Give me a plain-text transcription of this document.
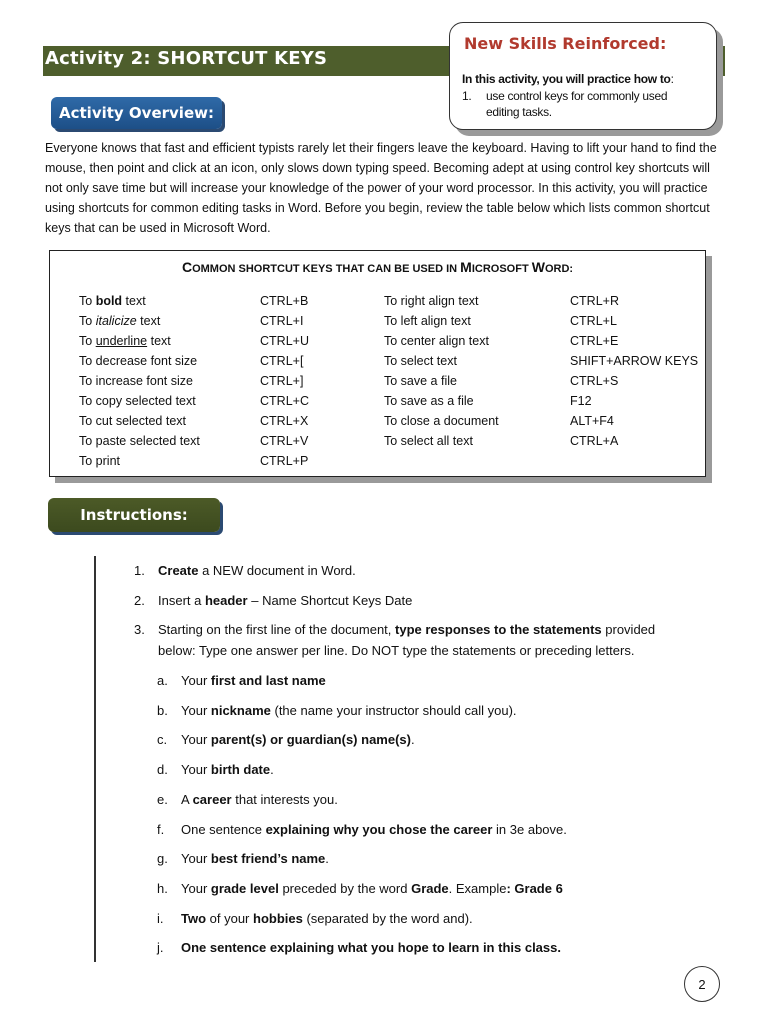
Activity 2: SHORTCUT KEYS
New Skills Reinforced:
In this activity, you will practice how to:
1. use control keys for commonly used editing tasks.
Activity Overview:
Everyone knows that fast and efficient typists rarely let their fingers leave the keyboard. Having to lift your hand to find the mouse, then point and click at an icon, only slows down typing speed. Becoming adept at using control key shortcuts will not only save time but will increase your knowledge of the power of your word processor. In this activity, you will practice using shortcuts for common editing tasks in Word. Before you begin, review the table below which lists common shortcut keys that can be used in Microsoft Word.
COMMON SHORTCUT KEYS THAT CAN BE USED IN MICROSOFT WORD:
To bold text	CTRL+B
To italicize text	CTRL+I
To underline text	CTRL+U
To decrease font size	CTRL+[
To increase font size	CTRL+]
To copy selected text	CTRL+C
To cut selected text	CTRL+X
To paste selected text	CTRL+V
To print	CTRL+P
To right align text	CTRL+R
To left align text	CTRL+L
To center align text	CTRL+E
To select text	SHIFT+ARROW KEYS
To save a file	CTRL+S
To save as a file	F12
To close a document	ALT+F4
To select all text	CTRL+A
Instructions:
1. Create a NEW document in Word.
2. Insert a header – Name Shortcut Keys Date
3. Starting on the first line of the document, type responses to the statements provided
below: Type one answer per line. Do NOT type the statements or preceding letters.
a. Your first and last name
b. Your nickname (the name your instructor should call you).
c. Your parent(s) or guardian(s) name(s).
d. Your birth date.
e. A career that interests you.
f. One sentence explaining why you chose the career in 3e above.
g. Your best friend’s name.
h. Your grade level preceded by the word Grade. Example: Grade 6
i. Two of your hobbies (separated by the word and).
j. One sentence explaining what you hope to learn in this class.
2
